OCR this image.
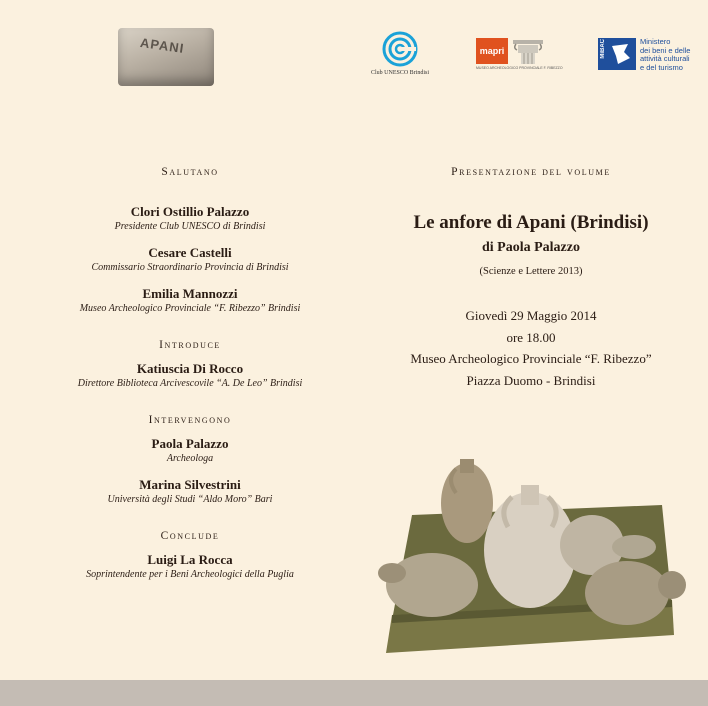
APANI
Club UNESCO Brindisi
mapri
MUSEO ARCHEOLOGICO PROVINCIALE F. RIBEZZO
MiBAC	Ministero
dei beni e delle
attività culturali
e del turismo
Salutano
Clori Ostillio Palazzo
Presidente Club UNESCO di Brindisi
Cesare Castelli
Commissario Straordinario Provincia di Brindisi
Emilia Mannozzi
Museo Archeologico Provinciale “F. Ribezzo” Brindisi
Introduce
Katiuscia Di Rocco
Direttore Biblioteca Arcivescovile “A. De Leo” Brindisi
Intervengono
Paola Palazzo
Archeologa
Marina Silvestrini
Università degli Studi “Aldo Moro” Bari
Conclude
Luigi La Rocca
Soprintendente per i Beni Archeologici della Puglia
Presentazione del volume
Le anfore di Apani (Brindisi)
di Paola Palazzo
(Scienze e Lettere 2013)
Giovedì 29 Maggio 2014
ore 18.00
Museo Archeologico Provinciale “F. Ribezzo”
Piazza Duomo - Brindisi
